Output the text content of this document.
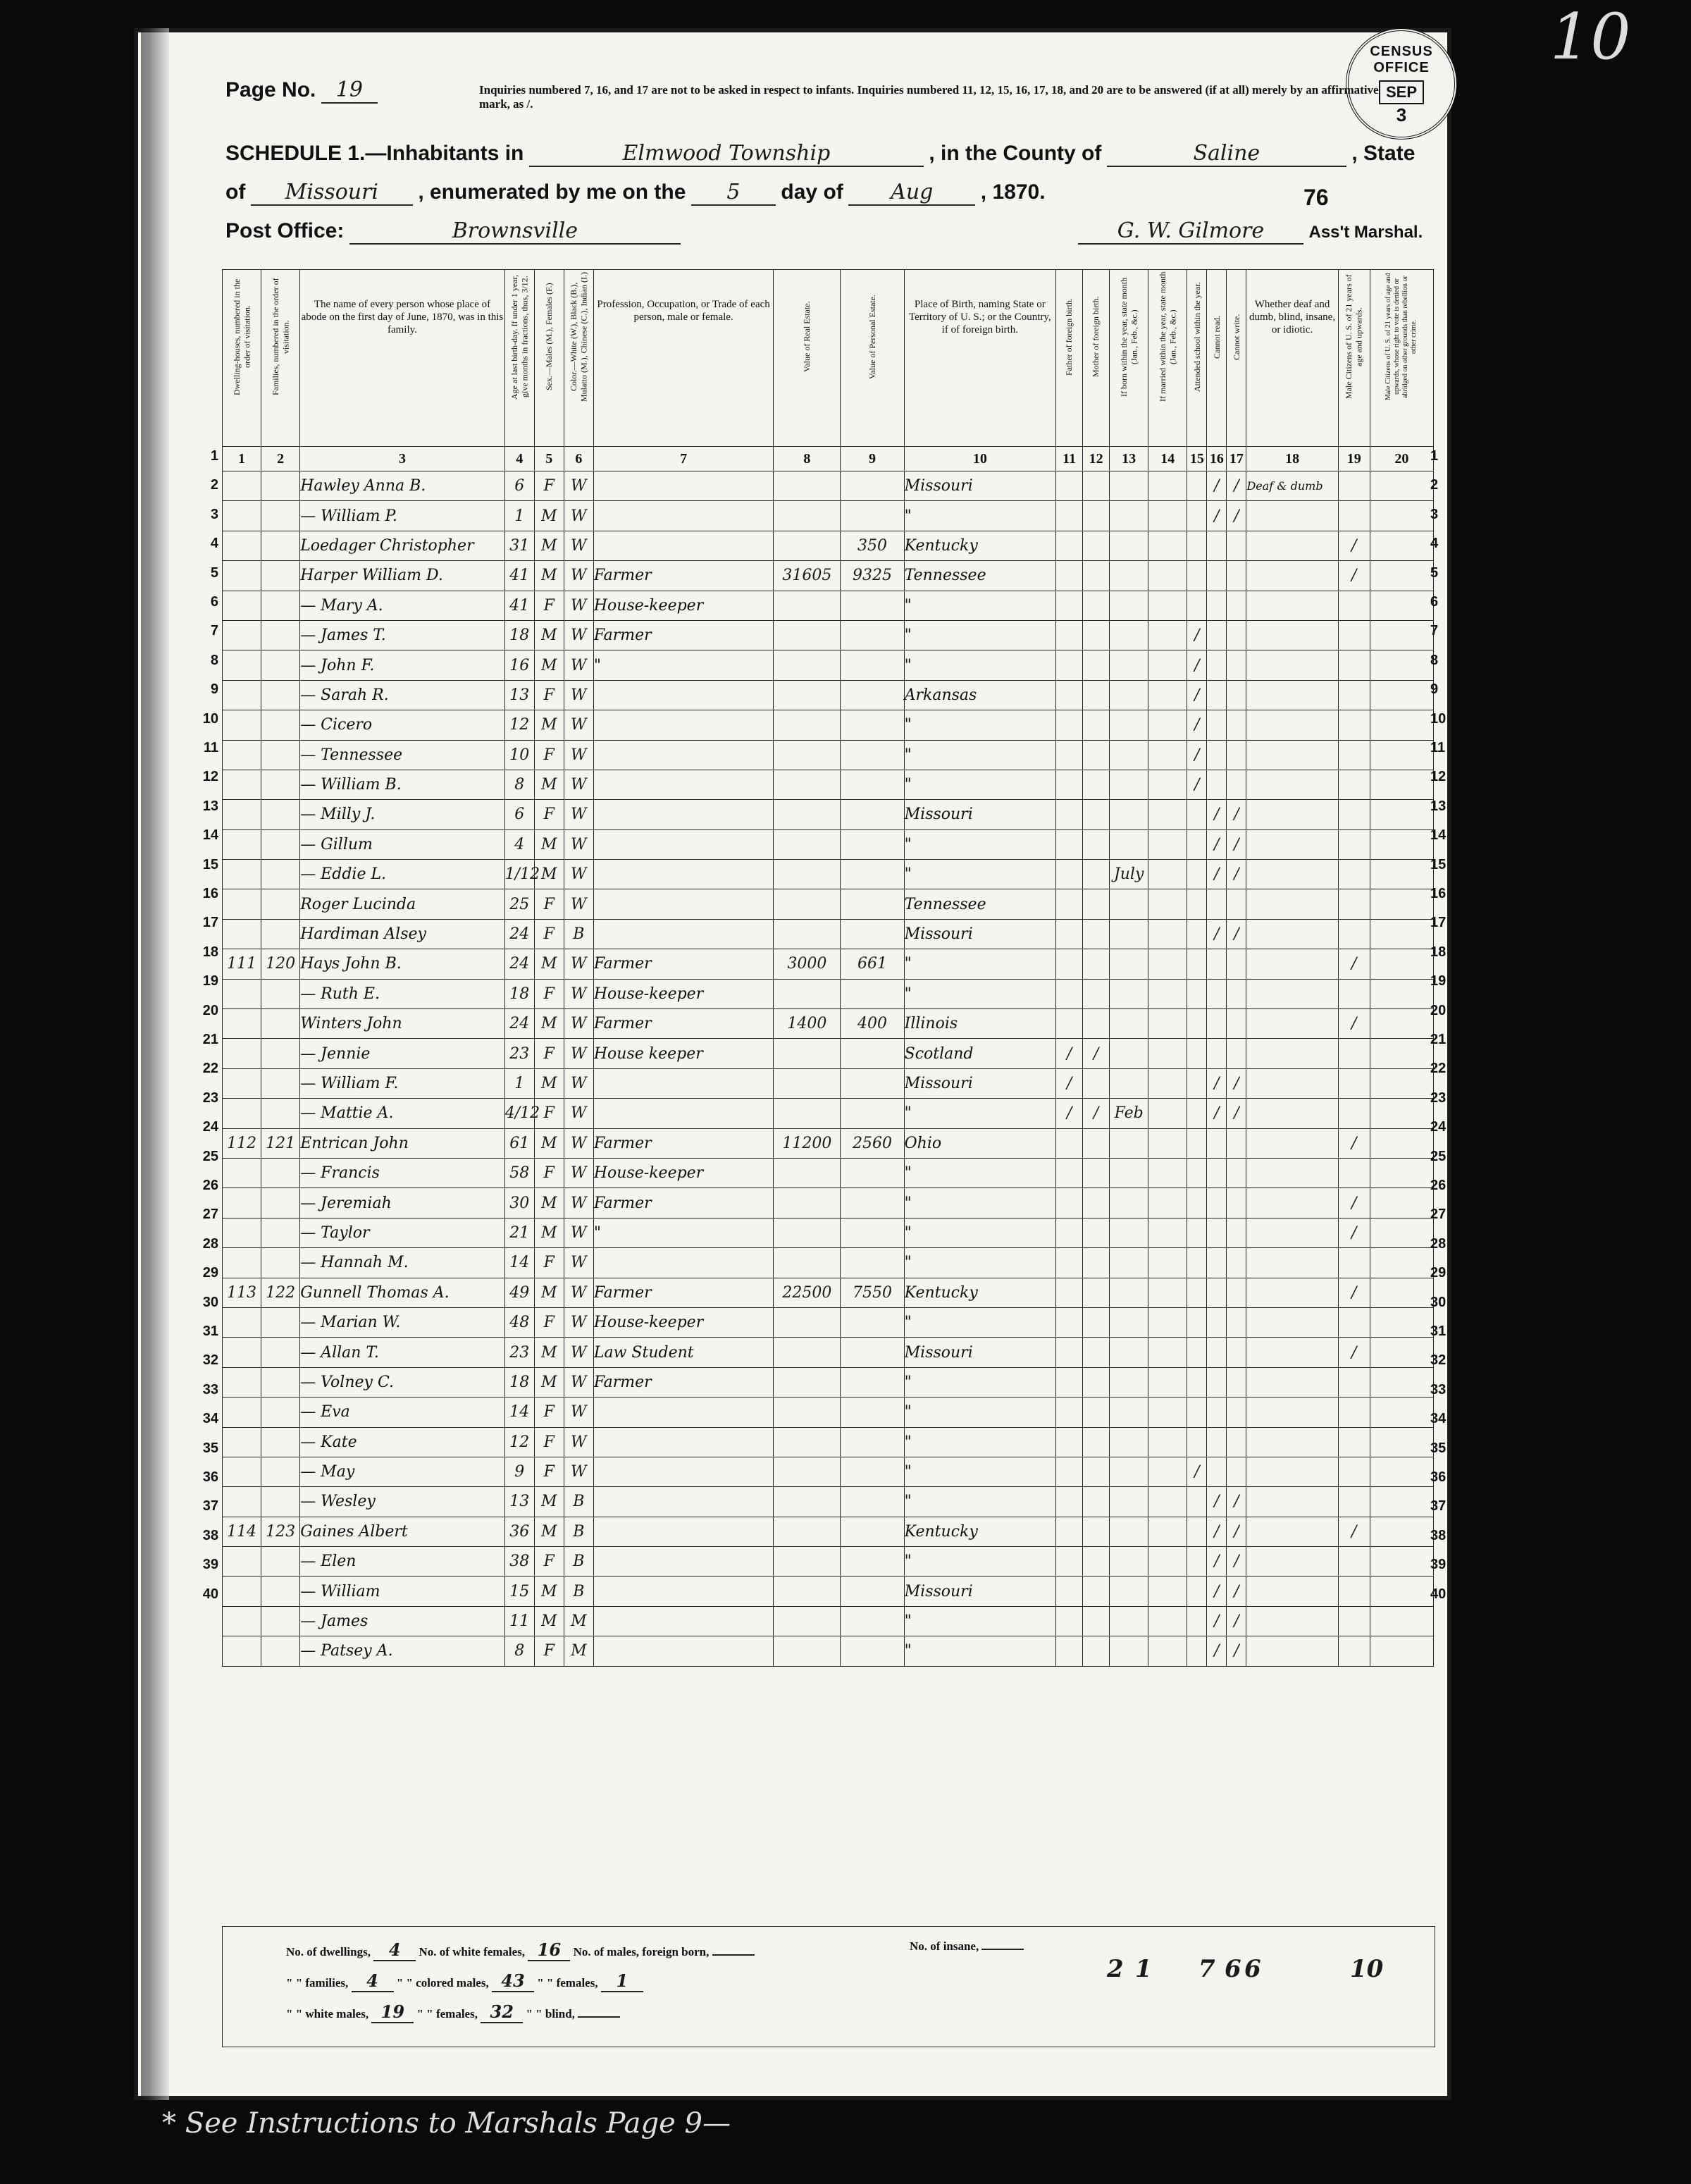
CENSUS OFFICE
SEP
3
Page No. 19	Inquiries numbered 7, 16, and 17 are not to be asked in respect to infants. Inquiries numbered 11, 12, 15, 16, 17, 18, and 20 are to be answered (if at all) merely by an affirmative mark, as /.
SCHEDULE 1.—Inhabitants in	Elmwood Township	, in the County of	Saline	, State
of Missouri , enumerated by me on the 5 day of Aug , 1870.	76
Post Office:	Brownsville	G. W. Gilmore	Ass't Marshal.
Dwelling-houses, numbered in the order of visitation.	Families, numbered in the order of visitation.	The name of every person whose place of abode on the first day of June, 1870, was in this family.	Age at last birth-day. If under 1 year, give months in fractions, thus, 3/12.	Sex.—Males (M.), Females (F.)	Color.—White (W.), Black (B.), Mulatto (M.), Chinese (C.), Indian (I.)	Profession, Occupation, or Trade of each person, male or female.	Value of Real Estate.	Value of Personal Estate.	Place of Birth, naming State or Territory of U. S.; or the Country, if of foreign birth.	Father of foreign birth.	Mother of foreign birth.	If born within the year, state month (Jan., Feb., &c.)	If married within the year, state month (Jan., Feb., &c.)	Attended school within the year.	Cannot read.	Cannot write.	Whether deaf and dumb, blind, insane, or idiotic.	Male Citizens of U. S. of 21 years of age and upwards.	Male Citizens of U. S. of 21 years of age and upwards, whose right to vote is denied or abridged on other grounds than rebellion or other crime.
1	2	3	4	5	6	7	8	9	10	11	12	13	14	15	16	17	18	19	20
		Hawley Anna B.	6	F	W				Missouri						/	/	Deaf & dumb		
		— William P.	1	M	W				"						/	/			
		Loedager Christopher	31	M	W			350	Kentucky									/	
		Harper William D.	41	M	W	Farmer	31605	9325	Tennessee									/	
		— Mary A.	41	F	W	House-keeper			"										
		— James T.	18	M	W	Farmer			"					/					
		— John F.	16	M	W	"			"					/					
		— Sarah R.	13	F	W				Arkansas					/					
		— Cicero	12	M	W				"					/					
		— Tennessee	10	F	W				"					/					
		— William B.	8	M	W				"					/					
		— Milly J.	6	F	W				Missouri						/	/			
		— Gillum	4	M	W				"						/	/			
		— Eddie L.	1/12	M	W				"			July			/	/			
		Roger Lucinda	25	F	W				Tennessee										
		Hardiman Alsey	24	F	B				Missouri						/	/			
111	120	Hays John B.	24	M	W	Farmer	3000	661	"									/	
		— Ruth E.	18	F	W	House-keeper			"										
		Winters John	24	M	W	Farmer	1400	400	Illinois									/	
		— Jennie	23	F	W	House keeper			Scotland	/	/								
		— William F.	1	M	W				Missouri	/					/	/			
		— Mattie A.	4/12	F	W				"	/	/	Feb			/	/			
112	121	Entrican John	61	M	W	Farmer	11200	2560	Ohio									/	
		— Francis	58	F	W	House-keeper			"										
		— Jeremiah	30	M	W	Farmer			"									/	
		— Taylor	21	M	W	"			"									/	
		— Hannah M.	14	F	W				"										
113	122	Gunnell Thomas A.	49	M	W	Farmer	22500	7550	Kentucky									/	
		— Marian W.	48	F	W	House-keeper			"										
		— Allan T.	23	M	W	Law Student			Missouri									/	
		— Volney C.	18	M	W	Farmer			"										
		— Eva	14	F	W				"										
		— Kate	12	F	W				"										
		— May	9	F	W				"					/					
		— Wesley	13	M	B				"						/	/			
114	123	Gaines Albert	36	M	B				Kentucky						/	/		/	
		— Elen	38	F	B				"						/	/			
		— William	15	M	B				Missouri						/	/			
		— James	11	M	M				"						/	/			
		— Patsey A.	8	F	M				"						/	/			
1	1
2	2
3	3
4	4
5	5
6	6
7	7
8	8
9	9
10	10
11	11
12	12
13	13
14	14
15	15
16	16
17	17
18	18
19	19
20	20
21	21
22	22
23	23
24	24
25	25
26	26
27	27
28	28
29	29
30	30
31	31
32	32
33	33
34	34
35	35
36	36
37	37
38	38
39	39
40	40
No. of dwellings, 4 No. of white females, 16 No. of males, foreign born,
" " families, 4 " " colored males, 43 " " females, 1
" " white males, 19 " " females, 32 " " blind,
No. of insane,
2 1 7 6 6	10
* See Instructions to Marshals Page 9—
10
